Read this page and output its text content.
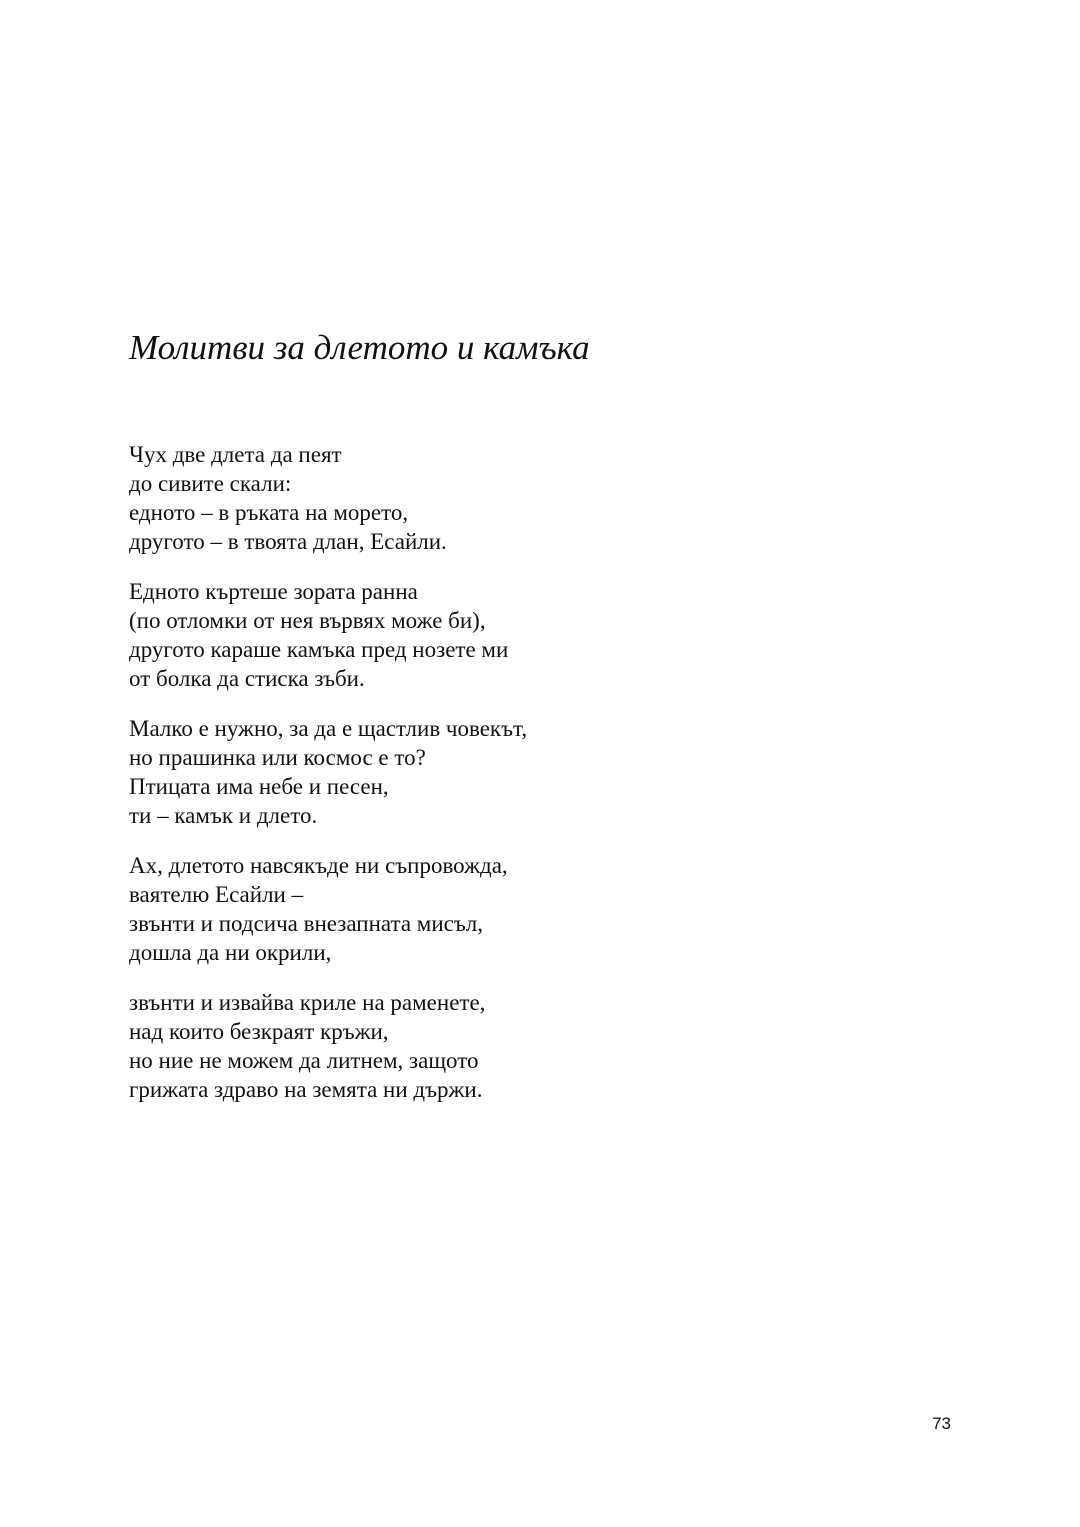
Молитви за длетото и камъка
Чух две длета да пеят
до сивите скали:
едното – в ръката на морето,
другото – в твоята длан, Есайли.
Едното къртеше зората ранна
(по отломки от нея вървях може би),
другото караше камъка пред нозете ми
от болка да стиска зъби.
Малко е нужно, за да е щастлив човекът,
но прашинка или космос е то?
Птицата има небе и песен,
ти – камък и длето.
Ах, длетото навсякъде ни съпровожда,
ваятелю Есайли –
звънти и подсича внезапната мисъл,
дошла да ни окрили,
звънти и извайва криле на раменете,
над които безкраят кръжи,
но ние не можем да литнем, защото
грижата здраво на земята ни държи.
73
